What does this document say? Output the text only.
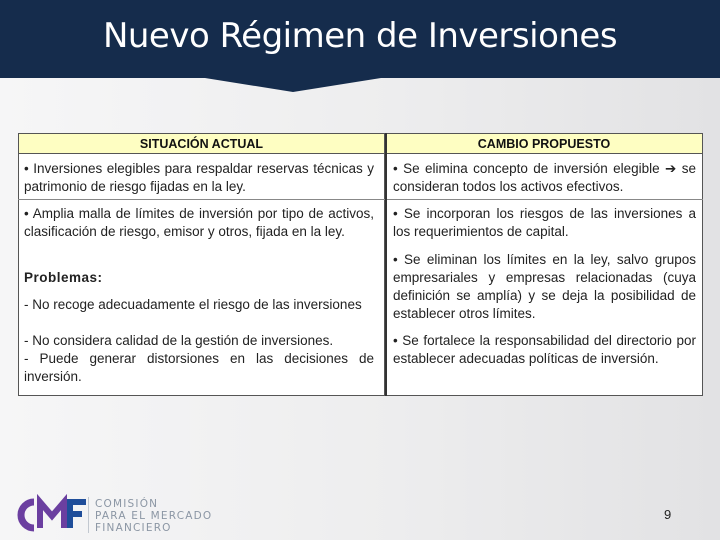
Nuevo Régimen de Inversiones
SITUACIÓN ACTUAL	CAMBIO PROPUESTO
• Inversiones elegibles para respaldar reservas técnicas y patrimonio de riesgo fijadas en la ley.
• Amplia malla de límites de inversión por tipo de activos, clasificación de riesgo, emisor y otros, fijada en la ley.
Problemas:
- No recoge adecuadamente el riesgo de las inversiones
- No considera calidad de la gestión de inversiones.
- Puede generar distorsiones en las decisiones de inversión.
• Se elimina concepto de inversión elegible ➔ se consideran todos los activos efectivos.
• Se incorporan los riesgos de las inversiones a los requerimientos de capital.
• Se eliminan los límites en la ley, salvo grupos empresariales y empresas relacionadas (cuya definición se amplía) y se deja la posibilidad de establecer otros límites.
• Se fortalece la responsabilidad del directorio por establecer adecuadas políticas de inversión.
COMISIÓN
PARA EL MERCADO
FINANCIERO
9
